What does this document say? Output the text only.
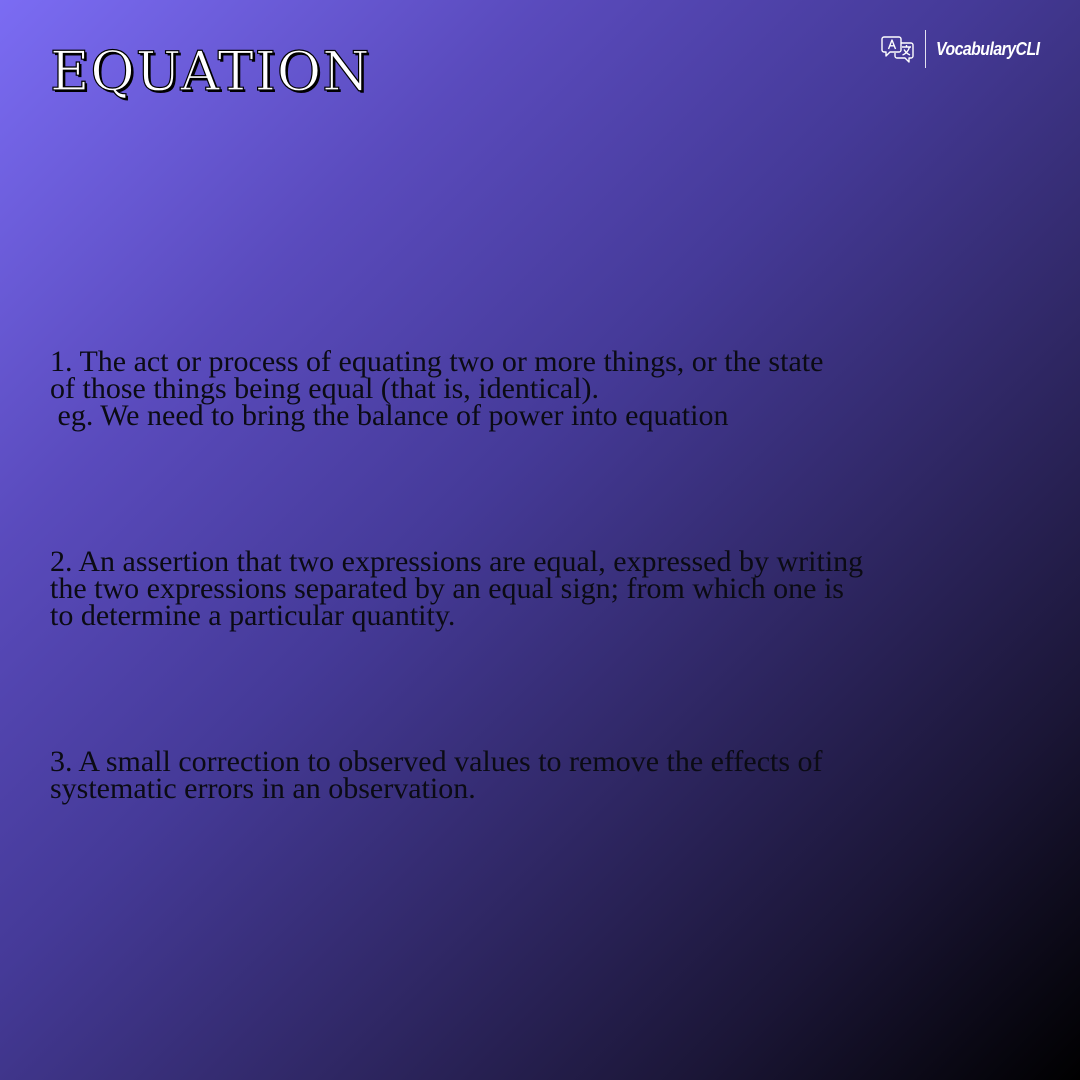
EQUATION	VocabularyCLI
1. The act or process of equating two or more things, or the state
of those things being equal (that is, identical).
eg. We need to bring the balance of power into equation
2. An assertion that two expressions are equal, expressed by writing
the two expressions separated by an equal sign; from which one is
to determine a particular quantity.
3. A small correction to observed values to remove the effects of
systematic errors in an observation.
